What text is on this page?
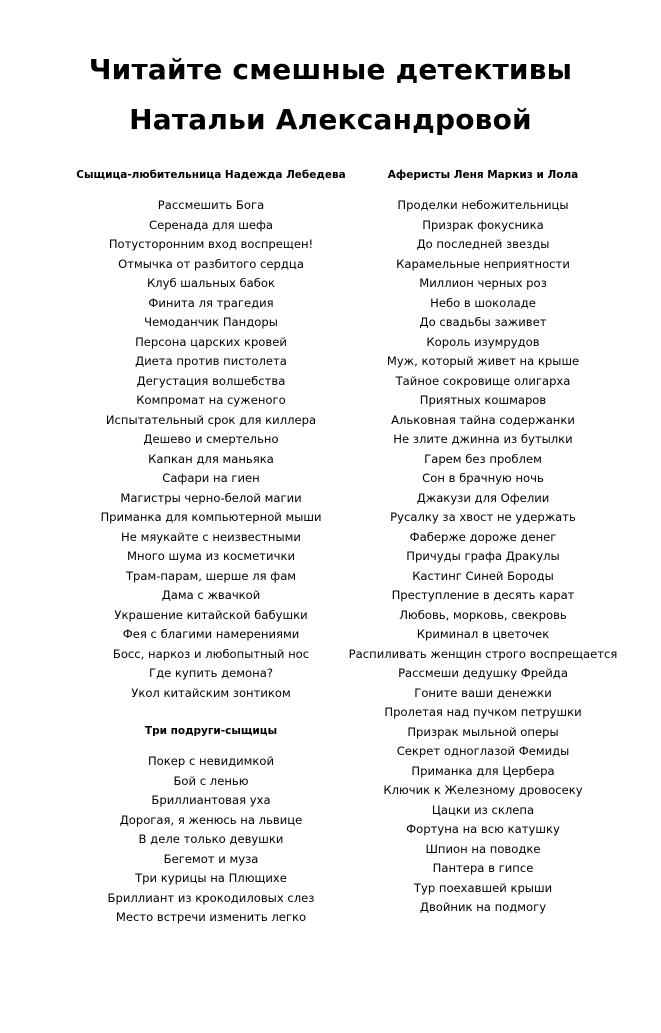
Читайте смешные детективы
Натальи Александровой
Сыщица-любительница Надежда Лебедева
Рассмешить Бога
Серенада для шефа
Потусторонним вход воспрещен!
Отмычка от разбитого сердца
Клуб шальных бабок
Финита ля трагедия
Чемоданчик Пандоры
Персона царских кровей
Диета против пистолета
Дегустация волшебства
Компромат на суженого
Испытательный срок для киллера
Дешево и смертельно
Капкан для маньяка
Сафари на гиен
Магистры черно-белой магии
Приманка для компьютерной мыши
Не мяукайте с неизвестными
Много шума из косметички
Трам-парам, шерше ля фам
Дама с жвачкой
Украшение китайской бабушки
Фея с благими намерениями
Босс, наркоз и любопытный нос
Где купить демона?
Укол китайским зонтиком
Три подруги-сыщицы
Покер с невидимкой
Бой с ленью
Бриллиантовая уха
Дорогая, я женюсь на львице
В деле только девушки
Бегемот и муза
Три курицы на Плющихе
Бриллиант из крокодиловых слез
Место встречи изменить легко
Аферисты Леня Маркиз и Лола
Проделки небожительницы
Призрак фокусника
До последней звезды
Карамельные неприятности
Миллион черных роз
Небо в шоколаде
До свадьбы заживет
Король изумрудов
Муж, который живет на крыше
Тайное сокровище олигарха
Приятных кошмаров
Альковная тайна содержанки
Не злите джинна из бутылки
Гарем без проблем
Сон в брачную ночь
Джакузи для Офелии
Русалку за хвост не удержать
Фаберже дороже денег
Причуды графа Дракулы
Кастинг Синей Бороды
Преступление в десять карат
Любовь, морковь, свекровь
Криминал в цветочек
Распиливать женщин строго воспрещается
Рассмеши дедушку Фрейда
Гоните ваши денежки
Пролетая над пучком петрушки
Призрак мыльной оперы
Секрет одноглазой Фемиды
Приманка для Цербера
Ключик к Железному дровосеку
Цацки из склепа
Фортуна на всю катушку
Шпион на поводке
Пантера в гипсе
Тур поехавшей крыши
Двойник на подмогу
